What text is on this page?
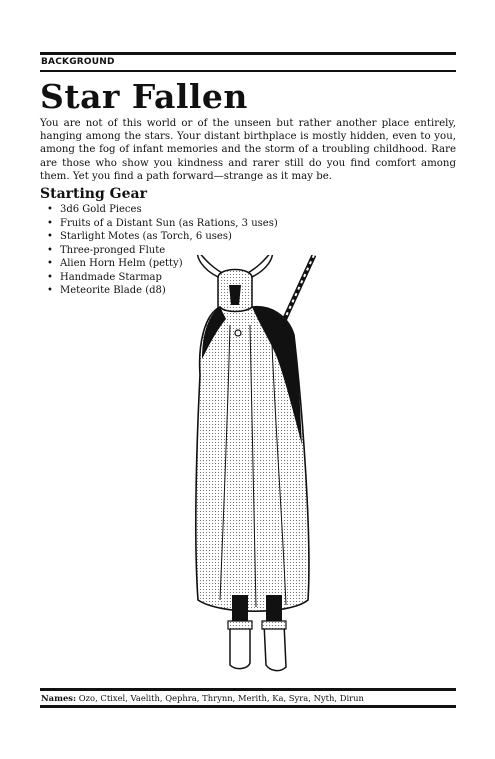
BACKGROUND
Star Fallen

You are not of this world or of the unseen but rather another place entirely, hanging among the stars. Your distant birthplace is mostly hidden, even to you, among the fog of infant memories and the storm of a troubling childhood. Rare are those who show you kindness and rarer still do you find comfort among them. Yet you find a path forward—strange as it may be.

Starting Gear
• 3d6 Gold Pieces
• Fruits of a Distant Sun (as Rations, 3 uses)
• Starlight Motes (as Torch, 6 uses)
• Three-pronged Flute
• Alien Horn Helm (petty)
• Handmade Starmap
• Meteorite Blade (d8)
Names: Ozo, Ctixel, Vaelith, Qephra, Thrynn, Merith, Ka, Syra, Nyth, Dirun
